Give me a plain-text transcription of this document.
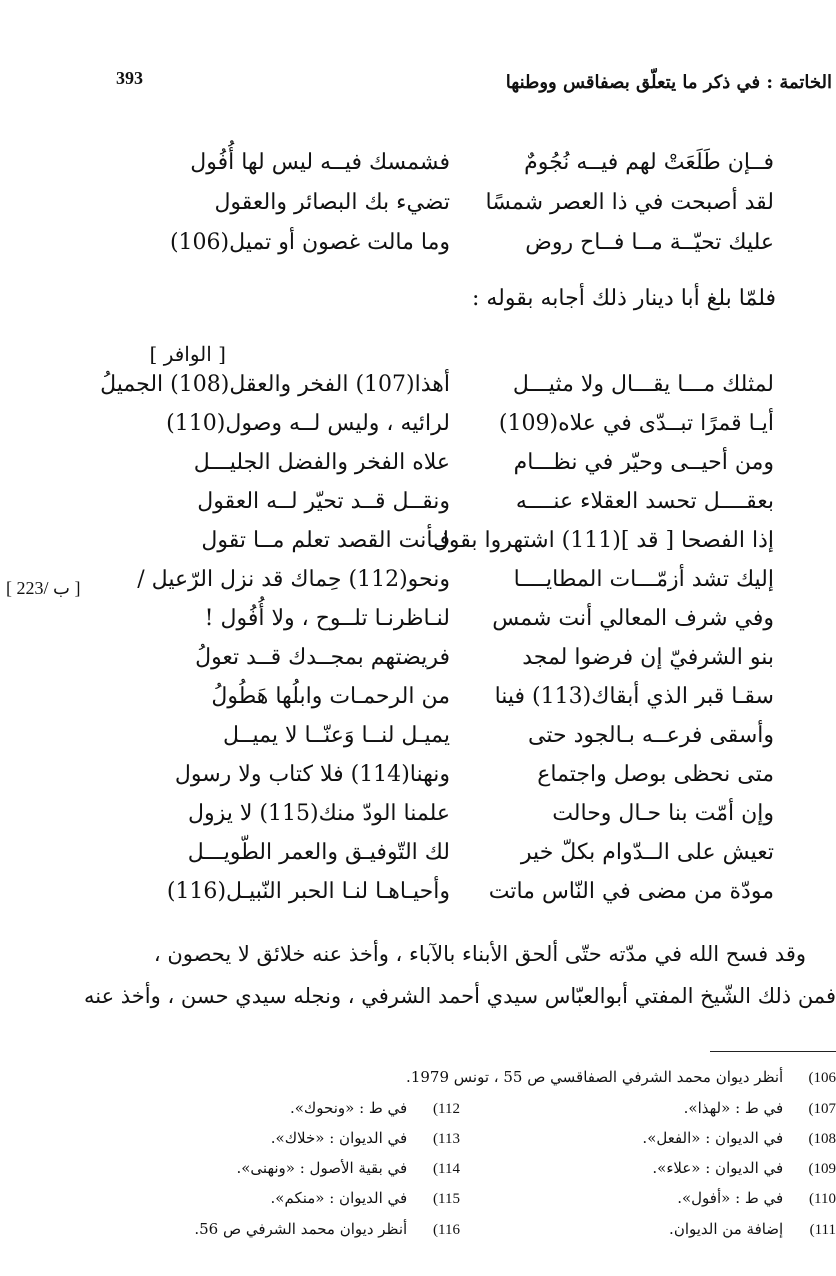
393	الخاتمة : في ذكر ما يتعلّق بصفاقس ووطنها
فــإن طَلَعَتْ لهم فيــه نُجُومٌ
فشمسك فيــه ليس لها أُفُول
لقد أصبحت في ذا العصر شمسًا
تضيء بك البصائر والعقول
عليك تحيّــة مــا فــاح روض
وما مالت غصون أو تميل(106)
فلمّا بلغ أبا دينار ذلك أجابه بقوله :
[ الوافر ]
[ 223/ ب ]
لمثلك مـــا يقـــال ولا مثيـــل
أهذا(107) الفخر والعقل(108) الجميلُ
أيـا قمرًا تبــدّى في علاه(109)
لرائيه ، وليس لــه وصول(110)
ومن أحيــى وحيّر في نظـــام
علاه الفخر والفضل الجليـــل
بعقــــل تحسد العقلاء عنــــه
ونقــل قــد تحيّر لــه العقول
إذا الفصحا [ قد ](111) اشتهروا بقول
فـأنت القصد تعلم مــا تقول
إليك تشد أزمّـــات المطايــــا
ونحو(112) حِماك قد نزل الرّعيل /
وفي شرف المعالي أنت شمس
لنـاظرنـا تلــوح ، ولا أُفُول !
بنو الشرفيّ إن فرضوا لمجد
فريضتهم بمجــدك قــد تعولُ
سقـا قبر الذي أبقاك(113) فينا
من الرحمـات وابلُها هَطُولُ
وأسقى فرعــه بـالجود حتى
يميـل لنــا وَعنّــا لا يميــل
متى نحظى بوصل واجتماع
ونهنا(114) فلا كتاب ولا رسول
وإن أمّت بنا حـال وحالت
علمنا الودّ منك(115) لا يزول
تعيش على الــدّوام بكلّ خير
لك التّوفيـق والعمر الطّويـــل
مودّة من مضى في النّاس ماتت
وأحيـاهـا لنـا الحبر النّبيـل(116)
وقد فسح الله في مدّته حتّى ألحق الأبناء بالآباء ، وأخذ عنه خلائق لا يحصون ،
فمن ذلك الشّيخ المفتي أبوالعبّاس سيدي أحمد الشرفي ، ونجله سيدي حسن ، وأخذ عنه
(106 أنظر ديوان محمد الشرفي الصفاقسي ص 55 ، تونس 1979.
(107 في ط : «لهذا».
(108 في الديوان : «الفعل».
(109 في الديوان : «علاء».
(110 في ط : «أفول».
(111 إضافة من الديوان.
(112 في ط : «ونحوك».
(113 في الديوان : «خلاك».
(114 في بقية الأصول : «ونهنى».
(115 في الديوان : «منكم».
(116 أنظر ديوان محمد الشرفي ص 56.
